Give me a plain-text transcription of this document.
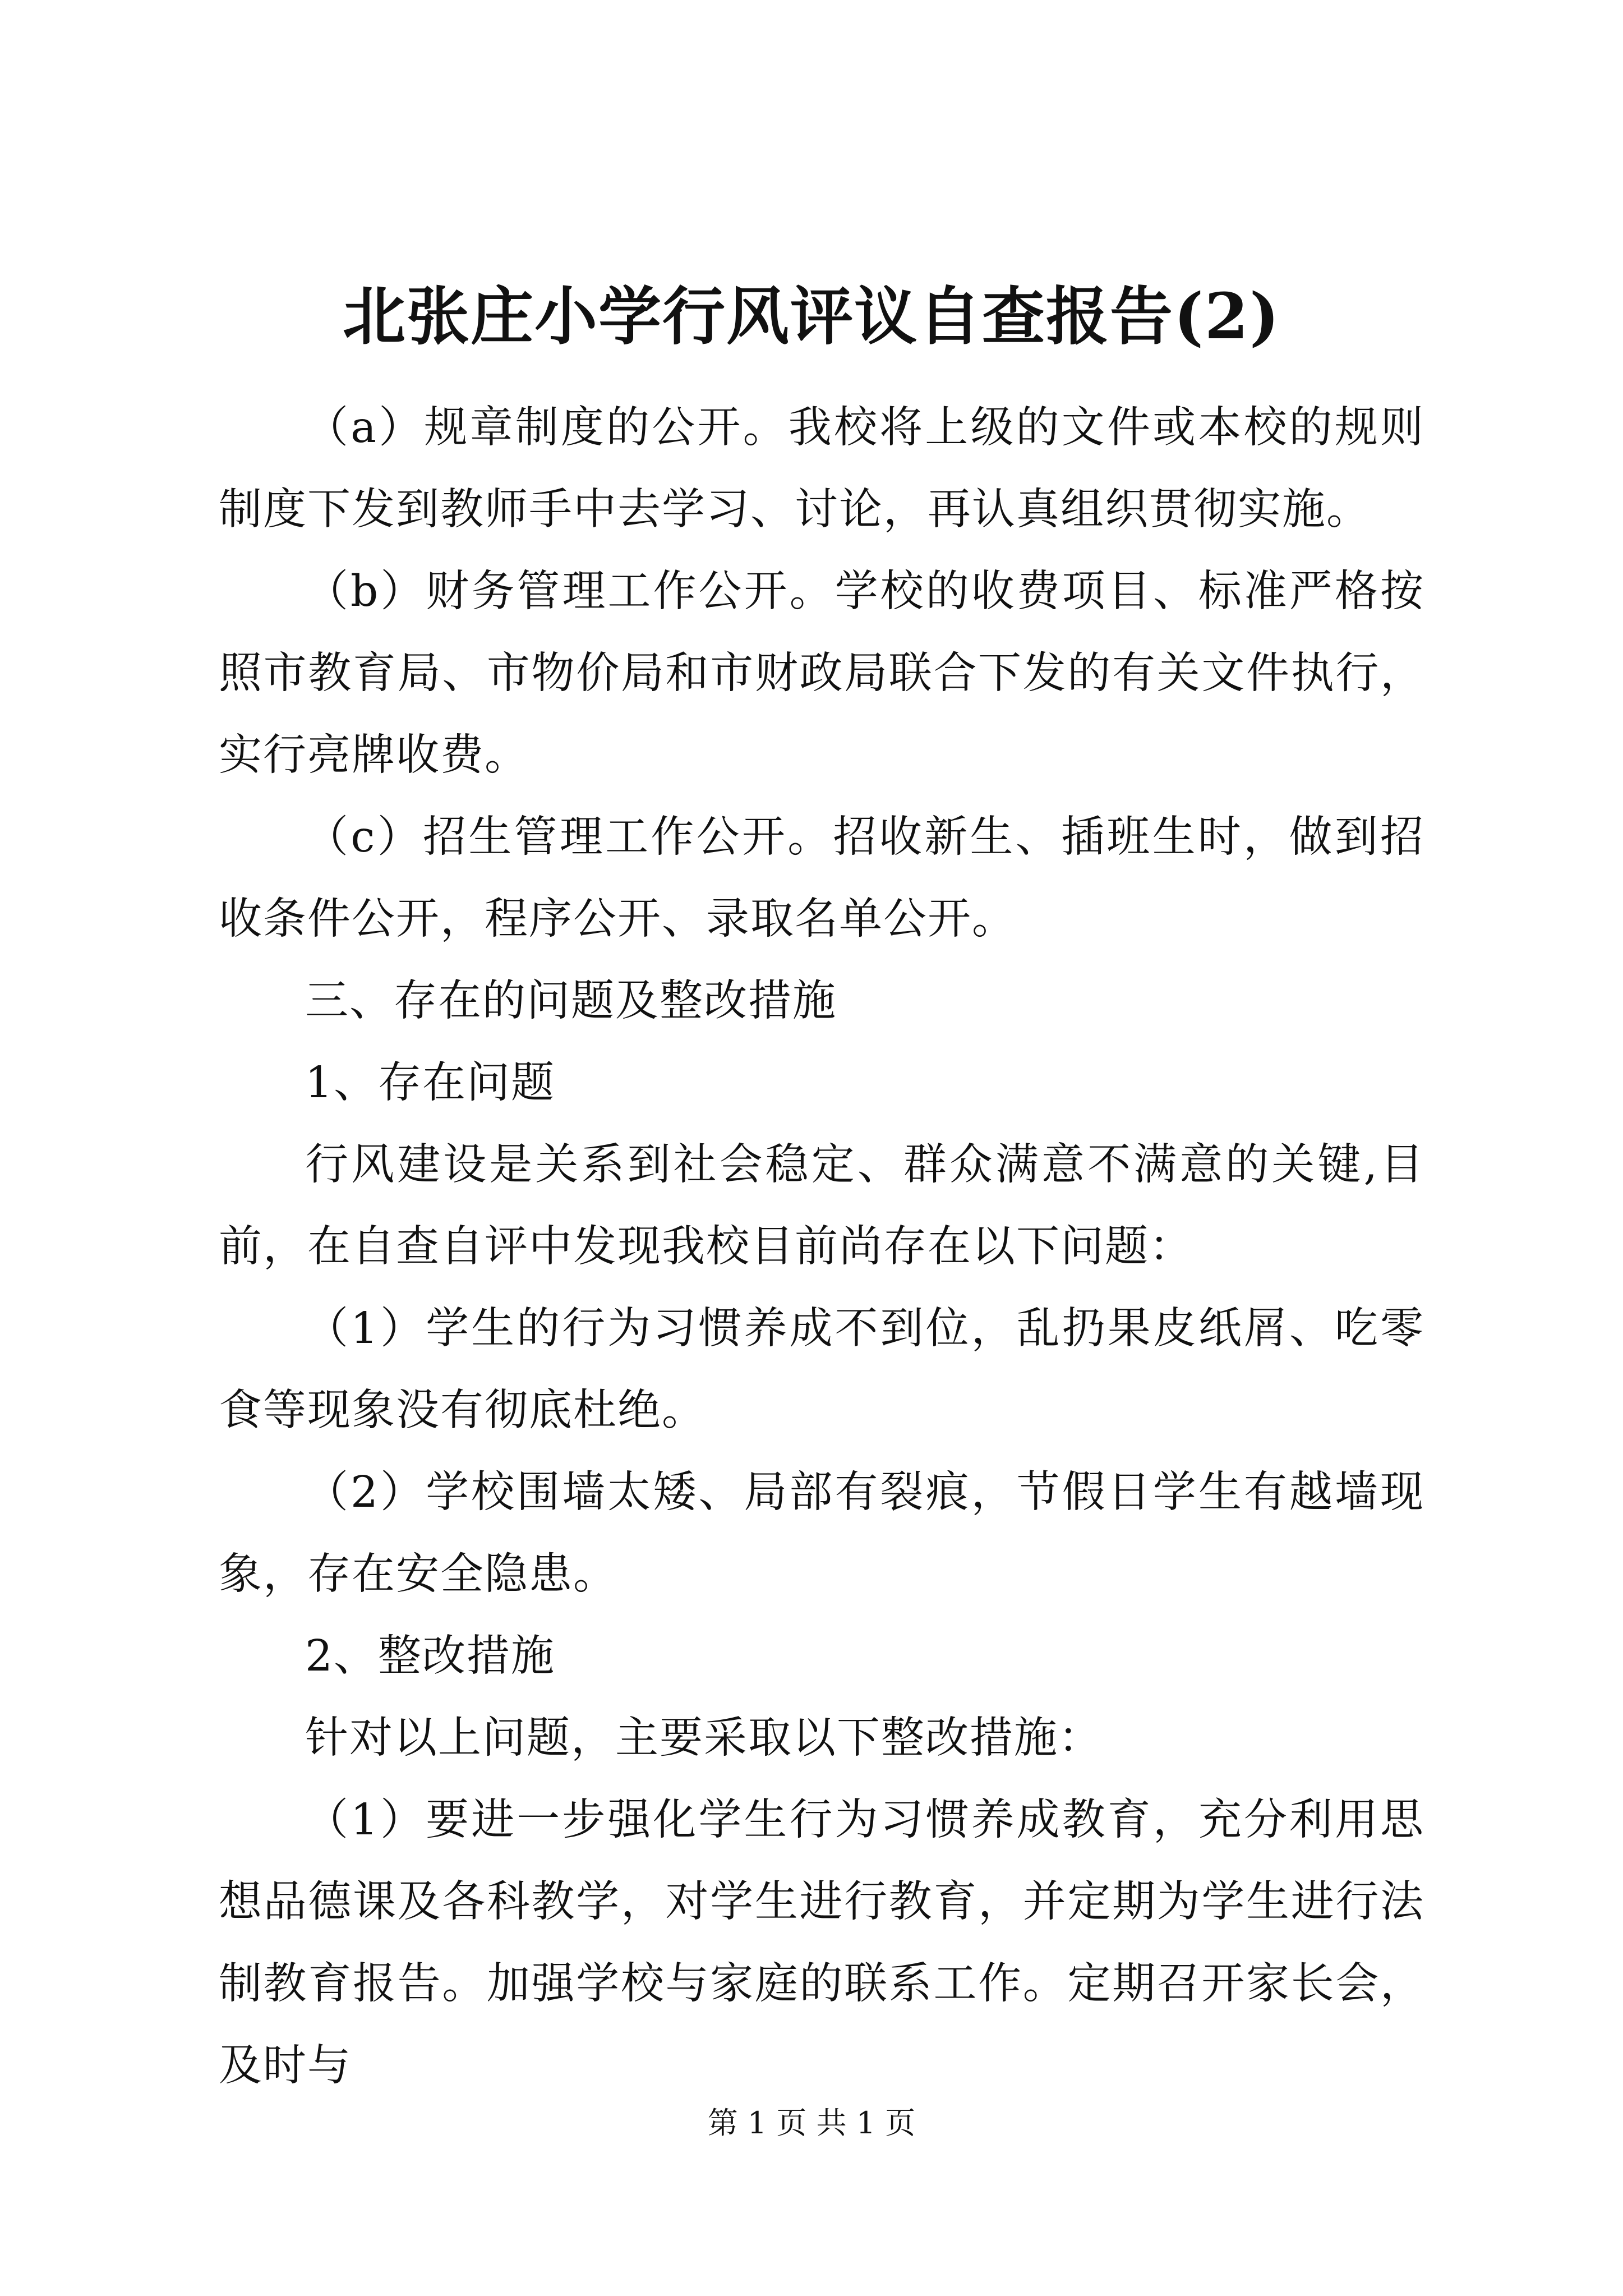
北张庄小学行风评议自查报告(2)

（a）规章制度的公开。我校将上级的文件或本校的规则制度下发到教师手中去学习、讨论，再认真组织贯彻实施。

（b）财务管理工作公开。学校的收费项目、标准严格按照市教育局、市物价局和市财政局联合下发的有关文件执行，实行亮牌收费。

（c）招生管理工作公开。招收新生、插班生时，做到招收条件公开，程序公开、录取名单公开。

三、存在的问题及整改措施

1、存在问题

行风建设是关系到社会稳定、群众满意不满意的关键,目前，在自查自评中发现我校目前尚存在以下问题：

（1）学生的行为习惯养成不到位，乱扔果皮纸屑、吃零食等现象没有彻底杜绝。

（2）学校围墙太矮、局部有裂痕，节假日学生有越墙现象，存在安全隐患。

2、整改措施

针对以上问题，主要采取以下整改措施：

（1）要进一步强化学生行为习惯养成教育，充分利用思想品德课及各科教学，对学生进行教育，并定期为学生进行法制教育报告。加强学校与家庭的联系工作。定期召开家长会，及时与

第 1 页 共 1 页
